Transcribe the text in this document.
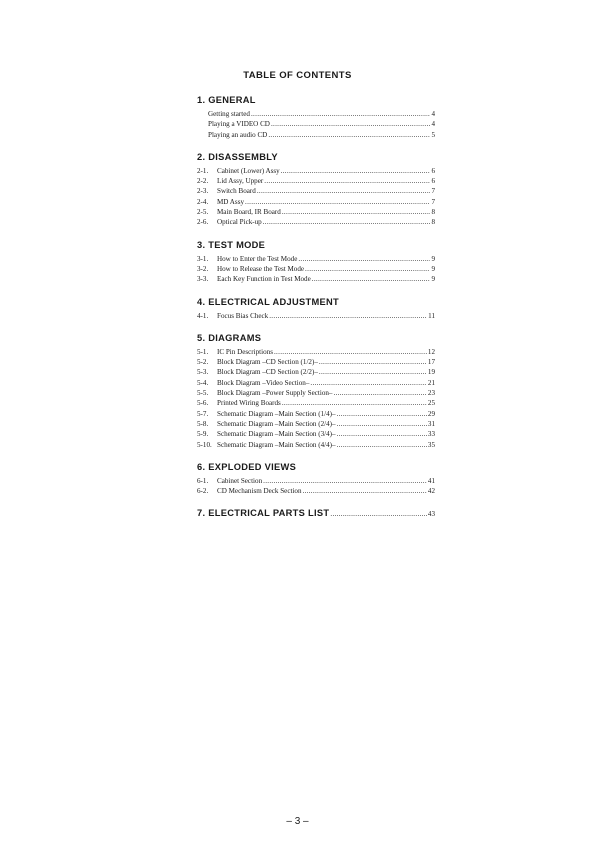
TABLE OF CONTENTS
1. GENERAL
Getting started .....	4
Playing a VIDEO CD .....	4
Playing an audio CD .....	5
2. DISASSEMBLY
2-1.	Cabinet (Lower) Assy .....	6
2-2.	Lid Assy, Upper .....	6
2-3.	Switch Board .....	7
2-4.	MD Assy .....	7
2-5.	Main Board, IR Board .....	8
2-6.	Optical Pick-up .....	8
3. TEST MODE
3-1.	How to Enter the Test Mode .....	9
3-2.	How to Release the Test Mode .....	9
3-3.	Each Key Function in Test Mode .....	9
4. ELECTRICAL ADJUSTMENT
4-1.	Focus Bias Check .....	11
5. DIAGRAMS
5-1.	IC Pin Descriptions .....	12
5-2.	Block Diagram –CD Section (1/2)– .....	17
5-3.	Block Diagram –CD Section (2/2)– .....	19
5-4.	Block Diagram –Video Section– .....	21
5-5.	Block Diagram –Power Supply Section– .....	23
5-6.	Printed Wiring Boards .....	25
5-7.	Schematic Diagram –Main Section (1/4)– .....	29
5-8.	Schematic Diagram –Main Section (2/4)– .....	31
5-9.	Schematic Diagram –Main Section (3/4)– .....	33
5-10. Schematic Diagram –Main Section (4/4)– .....	35
6. EXPLODED VIEWS
6-1.	Cabinet Section .....	41
6-2.	CD Mechanism Deck Section .....	42
7. ELECTRICAL PARTS LIST .....	43
– 3 –
